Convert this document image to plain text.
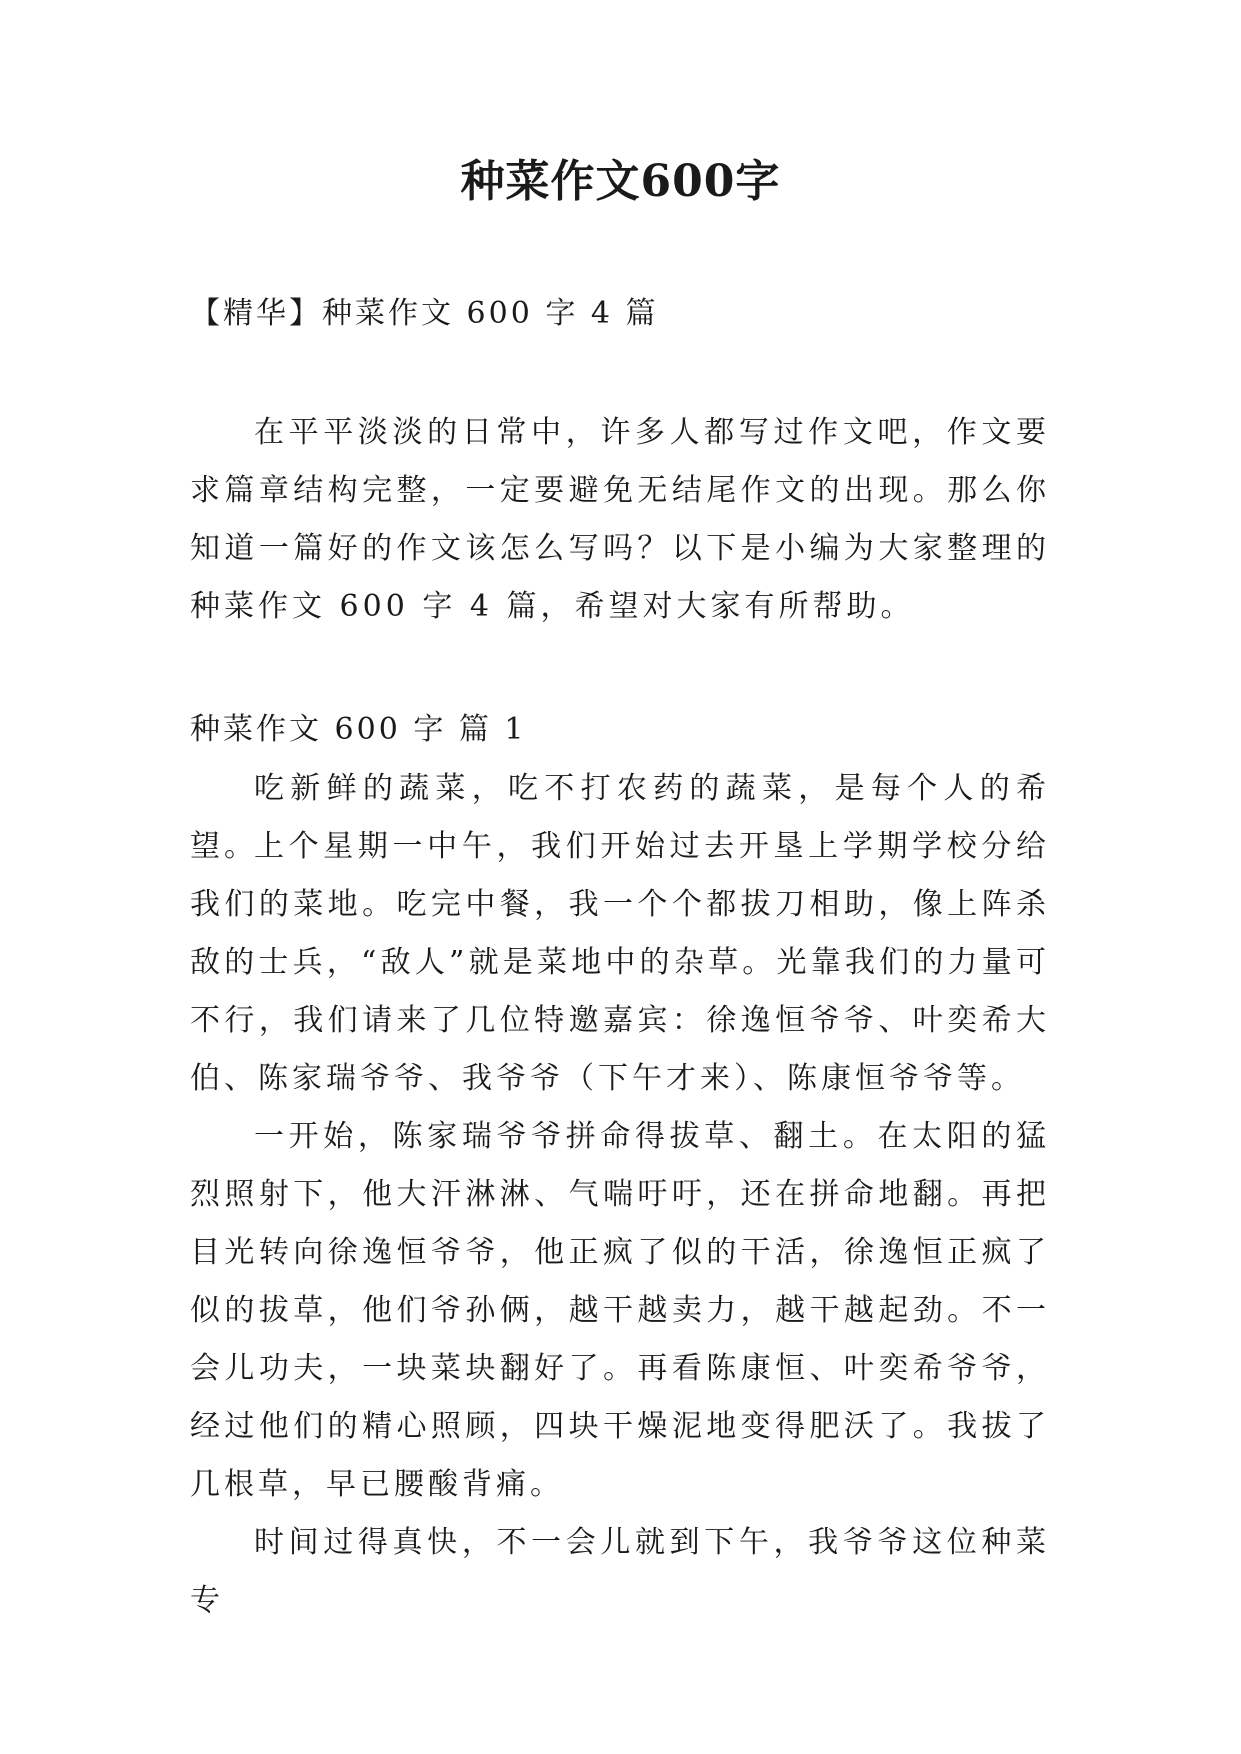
种菜作文600字

【精华】种菜作文 600 字 4 篇

在平平淡淡的日常中，许多人都写过作文吧，作文要求篇章结构完整，一定要避免无结尾作文的出现。那么你知道一篇好的作文该怎么写吗？以下是小编为大家整理的种菜作文 600 字 4 篇，希望对大家有所帮助。

种菜作文 600 字 篇 1

吃新鲜的蔬菜，吃不打农药的蔬菜，是每个人的希望。

上个星期一中午，我们开始过去开垦上学期学校分给我们的菜地。吃完中餐，我一个个都拔刀相助，像上阵杀敌的士兵，“敌人”就是菜地中的杂草。光靠我们的力量可不行，我们请来了几位特邀嘉宾：徐逸恒爷爷、叶奕希大伯、陈家瑞爷爷、我爷爷（下午才来）、陈康恒爷爷等。

一开始，陈家瑞爷爷拼命得拔草、翻土。在太阳的猛烈照射下，他大汗淋淋、气喘吁吁，还在拼命地翻。再把目光转向徐逸恒爷爷，他正疯了似的干活，徐逸恒正疯了似的拔草，他们爷孙俩，越干越卖力，越干越起劲。不一会儿功夫，一块菜块翻好了。再看陈康恒、叶奕希爷爷，经过他们的精心照顾，四块干燥泥地变得肥沃了。我拔了几根草，早已腰酸背痛。

时间过得真快，不一会儿就到下午，我爷爷这位种菜专
